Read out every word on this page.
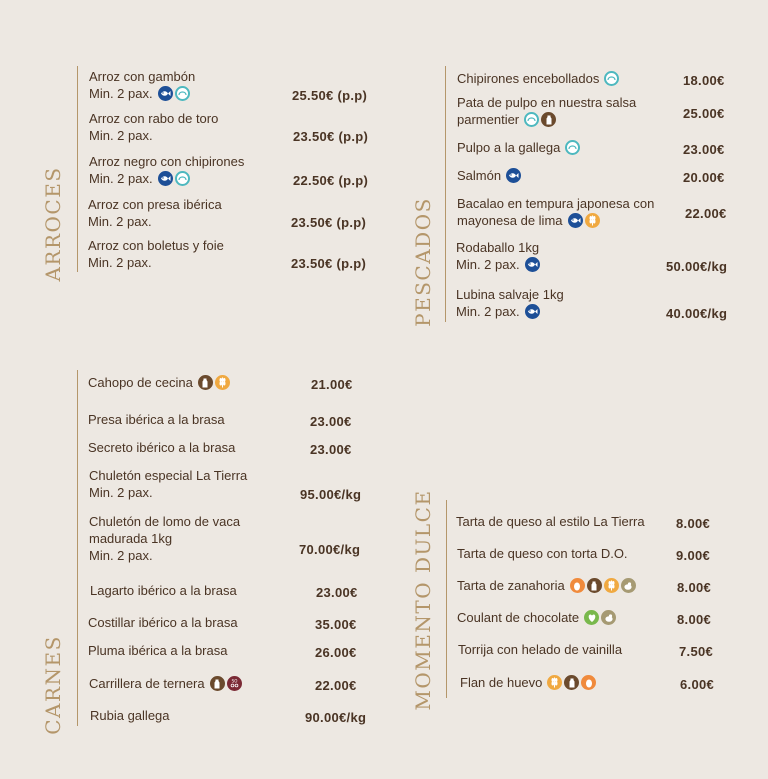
ARROCES
Arroz con gambón
Min. 2 pax.	25.50€ (p.p)
Arroz con rabo de toro
Min. 2 pax.	23.50€ (p.p)
Arroz negro con chipirones
Min. 2 pax.	22.50€ (p.p)
Arroz con presa ibérica
Min. 2 pax.	23.50€ (p.p)
Arroz con boletus y foie
Min. 2 pax.	23.50€ (p.p) PESCADOS
Chipirones encebollados	18.00€
Pata de pulpo en nuestra salsa
parmentier	25.00€
Pulpo a la gallega	23.00€
Salmón	20.00€
Bacalao en tempura japonesa con
mayonesa de lima	22.00€
Rodaballo 1kg
Min. 2 pax.	50.00€/kg
Lubina salvaje 1kg
Min. 2 pax.	40.00€/kg
CARNES
Cahopo de cecina	21.00€
Presa ibérica a la brasa	23.00€
Secreto ibérico a la brasa	23.00€
Chuletón especial La Tierra
Min. 2 pax.	95.00€/kg
Chuletón de lomo de vaca
madurada 1kg
Min. 2 pax.	70.00€/kg
Lagarto ibérico a la brasa	23.00€
Costillar ibérico a la brasa	35.00€
Pluma ibérica a la brasa	26.00€
Carrillera de ternera	SO	22.00€
Rubia gallega	90.00€/kg
MOMENTO DULCE Tarta de queso al estilo La Tierra 8.00€
Tarta de queso con torta D.O.	9.00€
Tarta de zanahoria	8.00€
Coulant de chocolate	8.00€
Torrija con helado de vainilla	7.50€
Flan de huevo	6.00€
